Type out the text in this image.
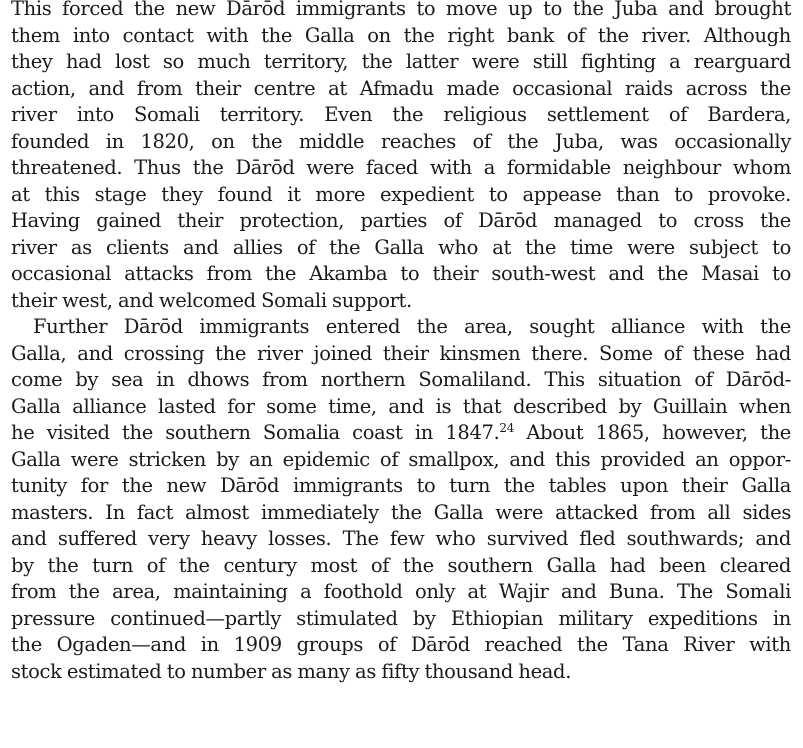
This forced the new Dārōd immigrants to move up to the Juba and brought
them into contact with the Galla on the right bank of the river. Although
they had lost so much territory, the latter were still fighting a rearguard
action, and from their centre at Afmadu made occasional raids across the
river into Somali territory. Even the religious settlement of Bardera,
founded in 1820, on the middle reaches of the Juba, was occasionally
threatened. Thus the Dārōd were faced with a formidable neighbour whom
at this stage they found it more expedient to appease than to provoke.
Having gained their protection, parties of Dārōd managed to cross the
river as clients and allies of the Galla who at the time were subject to
occasional attacks from the Akamba to their south-west and the Masai to
their west, and welcomed Somali support.
Further Dārōd immigrants entered the area, sought alliance with the
Galla, and crossing the river joined their kinsmen there. Some of these had
come by sea in dhows from northern Somaliland. This situation of Dārōd-
Galla alliance lasted for some time, and is that described by Guillain when
he visited the southern Somalia coast in 1847.24 About 1865, however, the
Galla were stricken by an epidemic of smallpox, and this provided an oppor-
tunity for the new Dārōd immigrants to turn the tables upon their Galla
masters. In fact almost immediately the Galla were attacked from all sides
and suffered very heavy losses. The few who survived fled southwards; and
by the turn of the century most of the southern Galla had been cleared
from the area, maintaining a foothold only at Wajir and Buna. The Somali
pressure continued—partly stimulated by Ethiopian military expeditions in
the Ogaden—and in 1909 groups of Dārōd reached the Tana River with
stock estimated to number as many as fifty thousand head.
